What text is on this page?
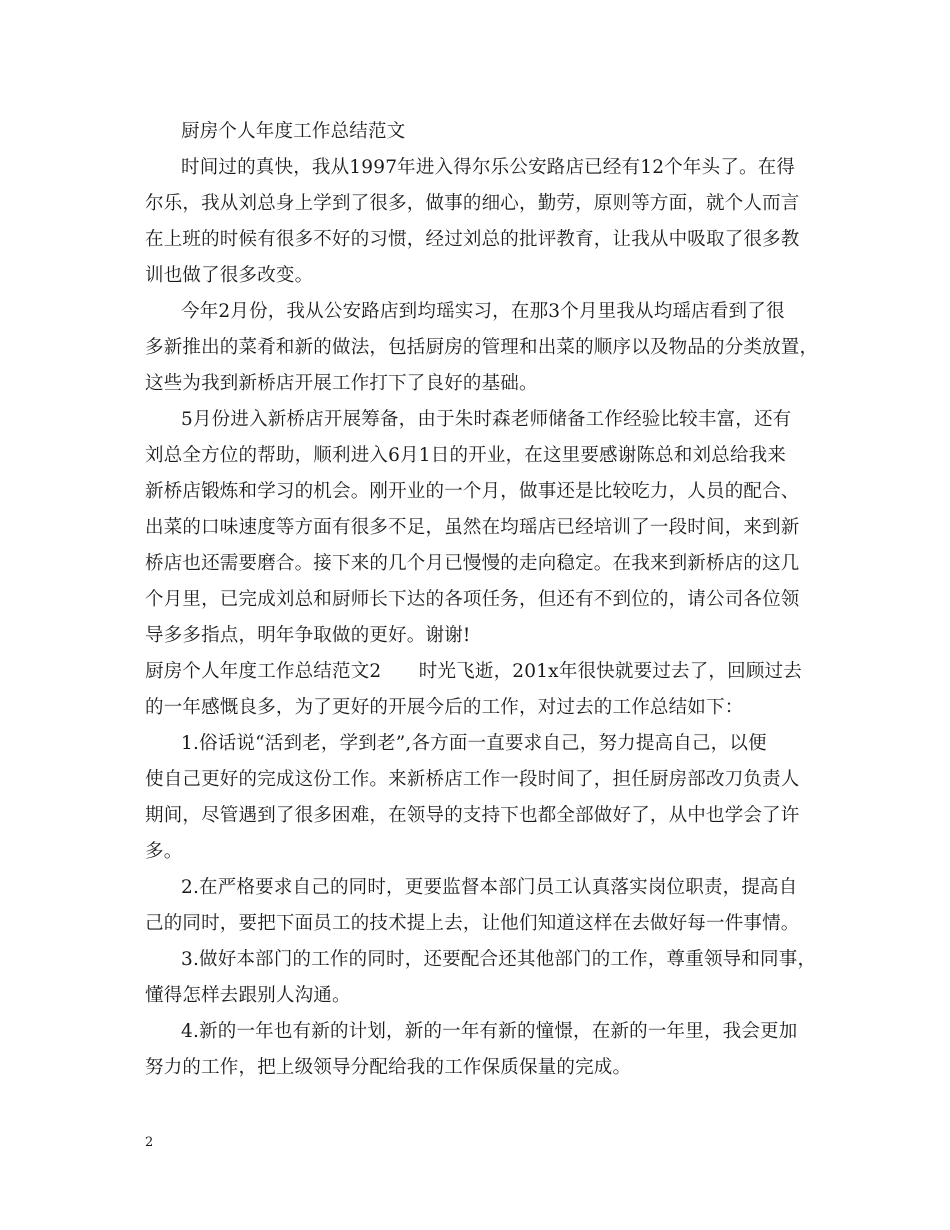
厨房个人年度工作总结范文
时间过的真快，我从1997年进入得尔乐公安路店已经有12个年头了。在得
尔乐，我从刘总身上学到了很多，做事的细心，勤劳，原则等方面，就个人而言
在上班的时候有很多不好的习惯，经过刘总的批评教育，让我从中吸取了很多教
训也做了很多改变。
今年2月份，我从公安路店到均瑶实习，在那3个月里我从均瑶店看到了很
多新推出的菜肴和新的做法，包括厨房的管理和出菜的顺序以及物品的分类放置，
这些为我到新桥店开展工作打下了良好的基础。
5月份进入新桥店开展筹备，由于朱时森老师储备工作经验比较丰富，还有
刘总全方位的帮助，顺利进入6月1日的开业，在这里要感谢陈总和刘总给我来
新桥店锻炼和学习的机会。刚开业的一个月，做事还是比较吃力，人员的配合、
出菜的口味速度等方面有很多不足，虽然在均瑶店已经培训了一段时间，来到新
桥店也还需要磨合。接下来的几个月已慢慢的走向稳定。在我来到新桥店的这几
个月里，已完成刘总和厨师长下达的各项任务，但还有不到位的，请公司各位领
导多多指点，明年争取做的更好。谢谢!
厨房个人年度工作总结范文2　　时光飞逝，201x年很快就要过去了，回顾过去
的一年感慨良多，为了更好的开展今后的工作，对过去的工作总结如下：
1.俗话说“活到老，学到老”,各方面一直要求自己，努力提高自己，以便
使自己更好的完成这份工作。来新桥店工作一段时间了，担任厨房部改刀负责人
期间，尽管遇到了很多困难，在领导的支持下也都全部做好了，从中也学会了许
多。
2.在严格要求自己的同时，更要监督本部门员工认真落实岗位职责，提高自
己的同时，要把下面员工的技术提上去，让他们知道这样在去做好每一件事情。
3.做好本部门的工作的同时，还要配合还其他部门的工作，尊重领导和同事，
懂得怎样去跟别人沟通。
4.新的一年也有新的计划，新的一年有新的憧憬，在新的一年里，我会更加
努力的工作，把上级领导分配给我的工作保质保量的完成。
2
